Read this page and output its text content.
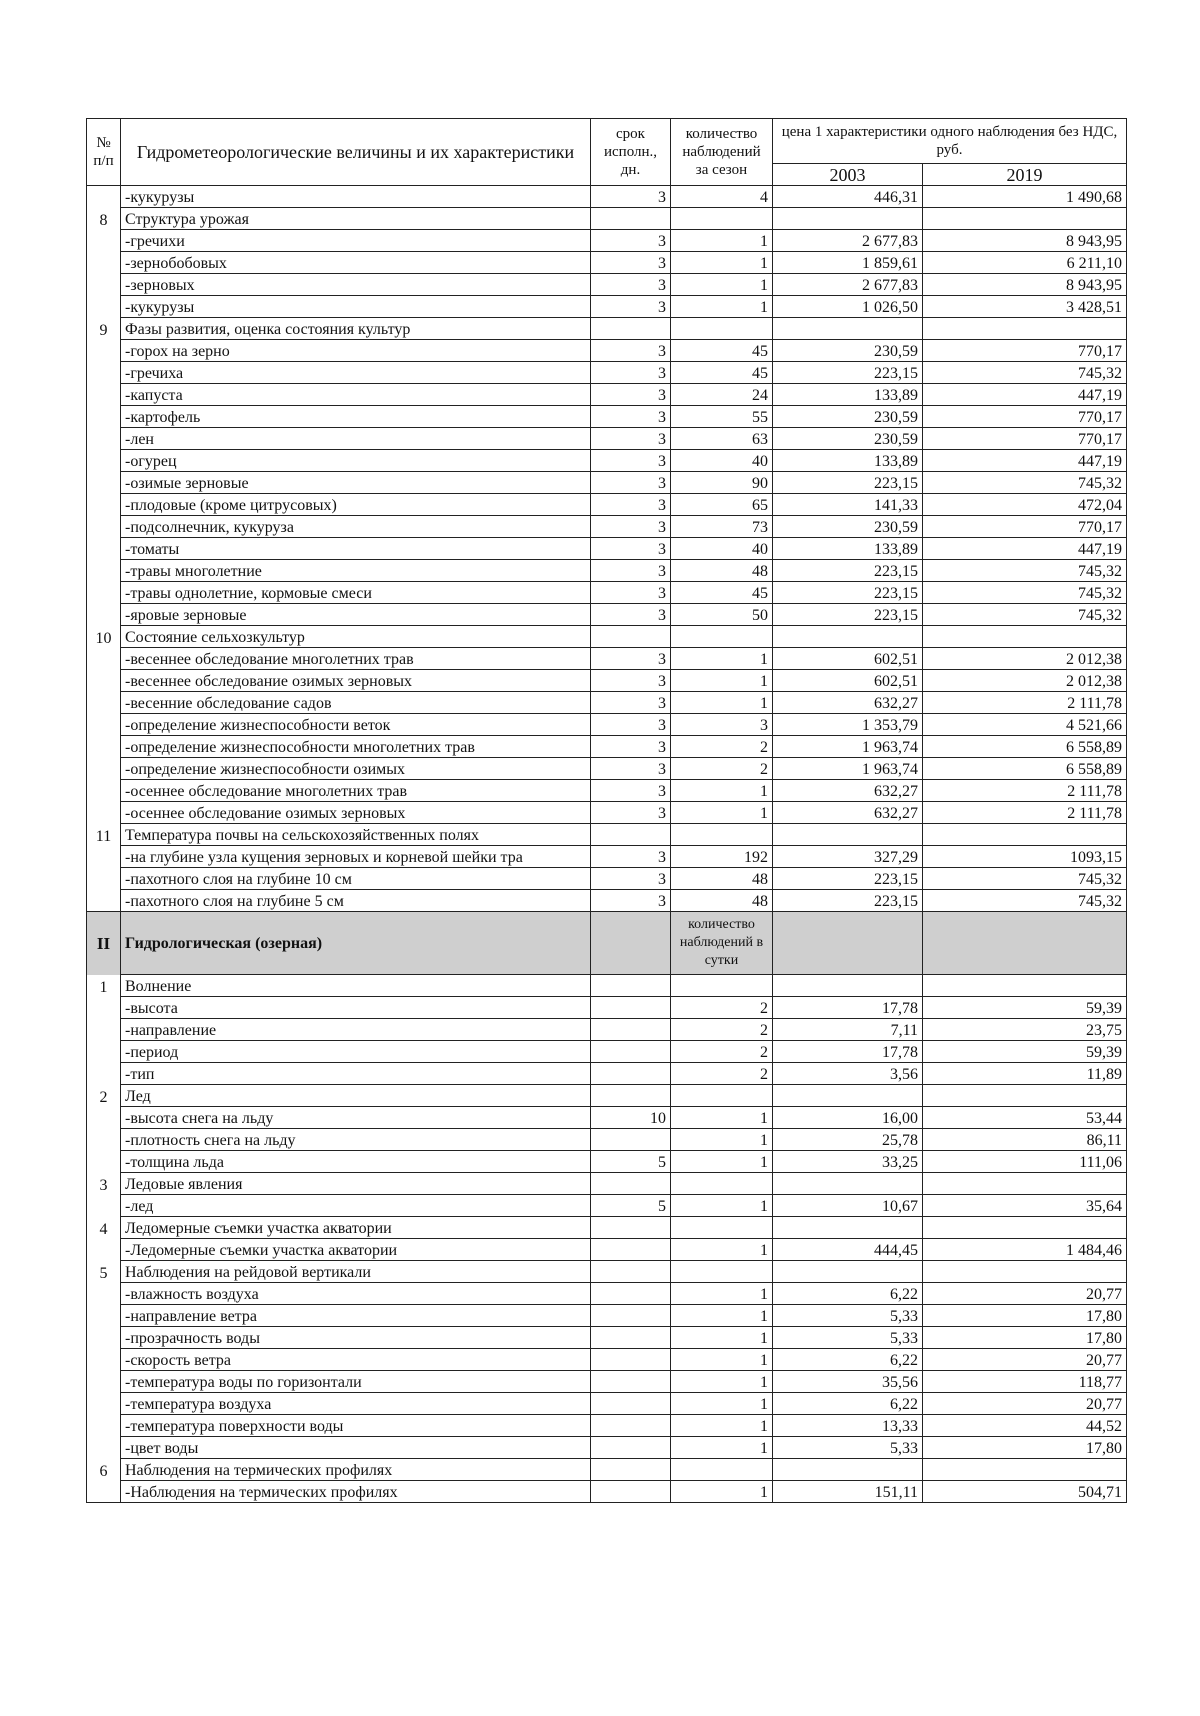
№ п/п	Гидрометеорологические величины и их характеристики	срок исполн., дн.	количество наблюдений за сезон	цена 1 характеристики одного наблюдения без НДС, руб.	
				2003	2019
	-кукурузы	3	4	446,31	1 490,68
8	Структура урожая				
	-гречихи	3	1	2 677,83	8 943,95
	-зернобобовых	3	1	1 859,61	6 211,10
	-зерновых	3	1	2 677,83	8 943,95
	-кукурузы	3	1	1 026,50	3 428,51
9	Фазы развития, оценка состояния культур				
	-горох на зерно	3	45	230,59	770,17
	-гречиха	3	45	223,15	745,32
	-капуста	3	24	133,89	447,19
	-картофель	3	55	230,59	770,17
	-лен	3	63	230,59	770,17
	-огурец	3	40	133,89	447,19
	-озимые зерновые	3	90	223,15	745,32
	-плодовые (кроме цитрусовых)	3	65	141,33	472,04
	-подсолнечник, кукуруза	3	73	230,59	770,17
	-томаты	3	40	133,89	447,19
	-травы многолетние	3	48	223,15	745,32
	-травы однолетние, кормовые смеси	3	45	223,15	745,32
	-яровые зерновые	3	50	223,15	745,32
10	Состояние сельхозкультур				
	-весеннее обследование многолетних трав	3	1	602,51	2 012,38
	-весеннее обследование озимых зерновых	3	1	602,51	2 012,38
	-весенние обследование садов	3	1	632,27	2 111,78
	-определение жизнеспособности веток	3	3	1 353,79	4 521,66
	-определение жизнеспособности многолетних трав	3	2	1 963,74	6 558,89
	-определение жизнеспособности озимых	3	2	1 963,74	6 558,89
	-осеннее обследование многолетних трав	3	1	632,27	2 111,78
	-осеннее обследование озимых зерновых	3	1	632,27	2 111,78
11	Температура почвы на сельскохозяйственных полях				
	-на глубине узла кущения зерновых и корневой шейки тра	3	192	327,29	1093,15
	-пахотного слоя на глубине 10 см	3	48	223,15	745,32
	-пахотного слоя на глубине 5 см	3	48	223,15	745,32
II	Гидрологическая (озерная)		количество наблюдений в сутки		
1	Волнение				
	-высота		2	17,78	59,39
	-направление		2	7,11	23,75
	-период		2	17,78	59,39
	-тип		2	3,56	11,89
2	Лед				
	-высота снега на льду	10	1	16,00	53,44
	-плотность снега на льду		1	25,78	86,11
	-толщина льда	5	1	33,25	111,06
3	Ледовые явления				
	-лед	5	1	10,67	35,64
4	Ледомерные съемки участка акватории				
	-Ледомерные съемки участка акватории		1	444,45	1 484,46
5	Наблюдения на рейдовой вертикали				
	-влажность воздуха		1	6,22	20,77
	-направление ветра		1	5,33	17,80
	-прозрачность воды		1	5,33	17,80
	-скорость ветра		1	6,22	20,77
	-температура воды по горизонтали		1	35,56	118,77
	-температура воздуха		1	6,22	20,77
	-температура поверхности воды		1	13,33	44,52
	-цвет воды		1	5,33	17,80
6	Наблюдения на термических профилях				
	-Наблюдения на термических профилях		1	151,11	504,71
